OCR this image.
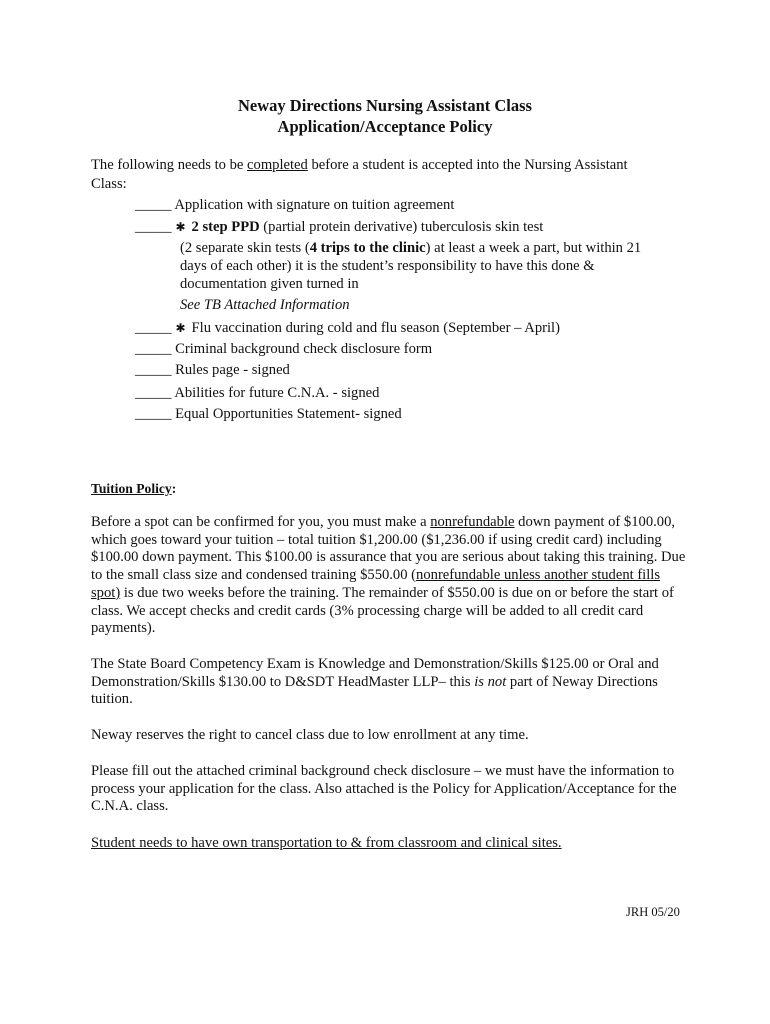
Neway Directions Nursing Assistant Class
Application/Acceptance Policy
The following needs to be completed before a student is accepted into the Nursing Assistant
Class:
_____ Application with signature on tuition agreement
_____ ✱ 2 step PPD (partial protein derivative) tuberculosis skin test
(2 separate skin tests (4 trips to the clinic) at least a week a part, but within 21
days of each other) it is the student’s responsibility to have this done &
documentation given turned in
See TB Attached Information
_____ ✱ Flu vaccination during cold and flu season (September – April)
_____ Criminal background check disclosure form
_____ Rules page - signed
_____ Abilities for future C.N.A. - signed
_____ Equal Opportunities Statement- signed
Tuition Policy:
Before a spot can be confirmed for you, you must make a nonrefundable down payment of $100.00, which goes toward your tuition – total tuition $1,200.00 ($1,236.00 if using credit card) including $100.00 down payment. This $100.00 is assurance that you are serious about taking this training. Due to the small class size and condensed training $550.00 (nonrefundable unless another student fills spot) is due two weeks before the training. The remainder of $550.00 is due on or before the start of class. We accept checks and credit cards (3% processing charge will be added to all credit card payments).
The State Board Competency Exam is Knowledge and Demonstration/Skills $125.00 or Oral and Demonstration/Skills $130.00 to D&SDT HeadMaster LLP– this is not part of Neway Directions tuition.
Neway reserves the right to cancel class due to low enrollment at any time.
Please fill out the attached criminal background check disclosure – we must have the information to process your application for the class. Also attached is the Policy for Application/Acceptance for the C.N.A. class.
Student needs to have own transportation to & from classroom and clinical sites.
JRH 05/20
